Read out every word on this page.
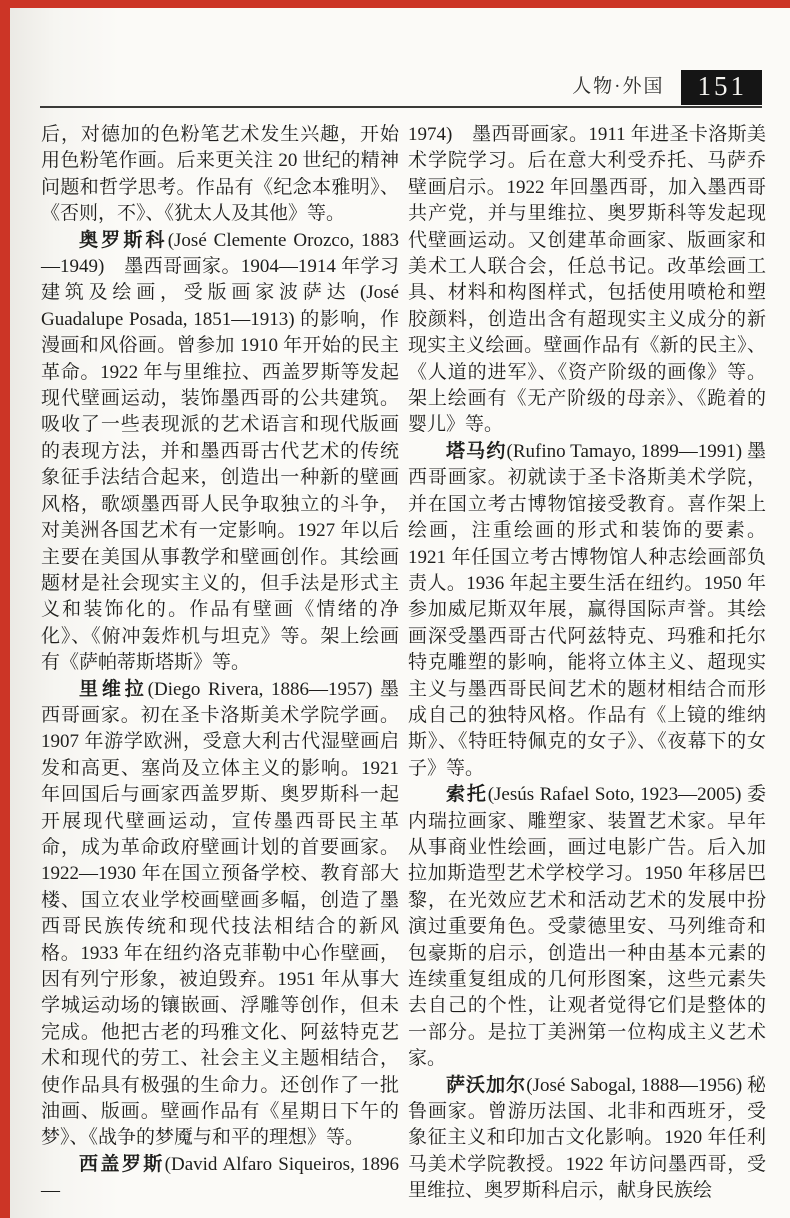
人物·外国	151

后，对德加的色粉笔艺术发生兴趣，开始用色粉笔作画。后来更关注 20 世纪的精神问题和哲学思考。作品有《纪念本雅明》、《否则，不》、《犹太人及其他》等。

奥罗斯科(José Clemente Orozco, 1883—1949)　墨西哥画家。1904—1914 年学习建筑及绘画，受版画家波萨达 (José Guadalupe Posada, 1851—1913) 的影响，作漫画和风俗画。曾参加 1910 年开始的民主革命。1922 年与里维拉、西盖罗斯等发起现代壁画运动，装饰墨西哥的公共建筑。吸收了一些表现派的艺术语言和现代版画的表现方法，并和墨西哥古代艺术的传统象征手法结合起来，创造出一种新的壁画风格，歌颂墨西哥人民争取独立的斗争，对美洲各国艺术有一定影响。1927 年以后主要在美国从事教学和壁画创作。其绘画题材是社会现实主义的，但手法是形式主义和装饰化的。作品有壁画《情绪的净化》、《俯冲轰炸机与坦克》等。架上绘画有《萨帕蒂斯塔斯》等。

里维拉(Diego Rivera, 1886—1957) 墨西哥画家。初在圣卡洛斯美术学院学画。1907 年游学欧洲，受意大利古代湿壁画启发和高更、塞尚及立体主义的影响。1921 年回国后与画家西盖罗斯、奥罗斯科一起开展现代壁画运动，宣传墨西哥民主革命，成为革命政府壁画计划的首要画家。1922—1930 年在国立预备学校、教育部大楼、国立农业学校画壁画多幅，创造了墨西哥民族传统和现代技法相结合的新风格。1933 年在纽约洛克菲勒中心作壁画，因有列宁形象，被迫毁弃。1951 年从事大学城运动场的镶嵌画、浮雕等创作，但未完成。他把古老的玛雅文化、阿兹特克艺术和现代的劳工、社会主义主题相结合，使作品具有极强的生命力。还创作了一批油画、版画。壁画作品有《星期日下午的梦》、《战争的梦魇与和平的理想》等。

西盖罗斯(David Alfaro Siqueiros, 1896—

1974)　墨西哥画家。1911 年进圣卡洛斯美术学院学习。后在意大利受乔托、马萨乔壁画启示。1922 年回墨西哥，加入墨西哥共产党，并与里维拉、奥罗斯科等发起现代壁画运动。又创建革命画家、版画家和美术工人联合会，任总书记。改革绘画工具、材料和构图样式，包括使用喷枪和塑胶颜料，创造出含有超现实主义成分的新现实主义绘画。壁画作品有《新的民主》、《人道的进军》、《资产阶级的画像》等。架上绘画有《无产阶级的母亲》、《跪着的婴儿》等。

塔马约(Rufino Tamayo, 1899—1991) 墨西哥画家。初就读于圣卡洛斯美术学院，并在国立考古博物馆接受教育。喜作架上绘画，注重绘画的形式和装饰的要素。1921 年任国立考古博物馆人种志绘画部负责人。1936 年起主要生活在纽约。1950 年参加威尼斯双年展，赢得国际声誉。其绘画深受墨西哥古代阿兹特克、玛雅和托尔特克雕塑的影响，能将立体主义、超现实主义与墨西哥民间艺术的题材相结合而形成自己的独特风格。作品有《上镜的维纳斯》、《特旺特佩克的女子》、《夜幕下的女子》等。

索托(Jesús Rafael Soto, 1923—2005) 委内瑞拉画家、雕塑家、装置艺术家。早年从事商业性绘画，画过电影广告。后入加拉加斯造型艺术学校学习。1950 年移居巴黎，在光效应艺术和活动艺术的发展中扮演过重要角色。受蒙德里安、马列维奇和包豪斯的启示，创造出一种由基本元素的连续重复组成的几何形图案，这些元素失去自己的个性，让观者觉得它们是整体的一部分。是拉丁美洲第一位构成主义艺术家。

萨沃加尔(José Sabogal, 1888—1956) 秘鲁画家。曾游历法国、北非和西班牙，受象征主义和印加古文化影响。1920 年任利马美术学院教授。1922 年访问墨西哥，受里维拉、奥罗斯科启示，献身民族绘
